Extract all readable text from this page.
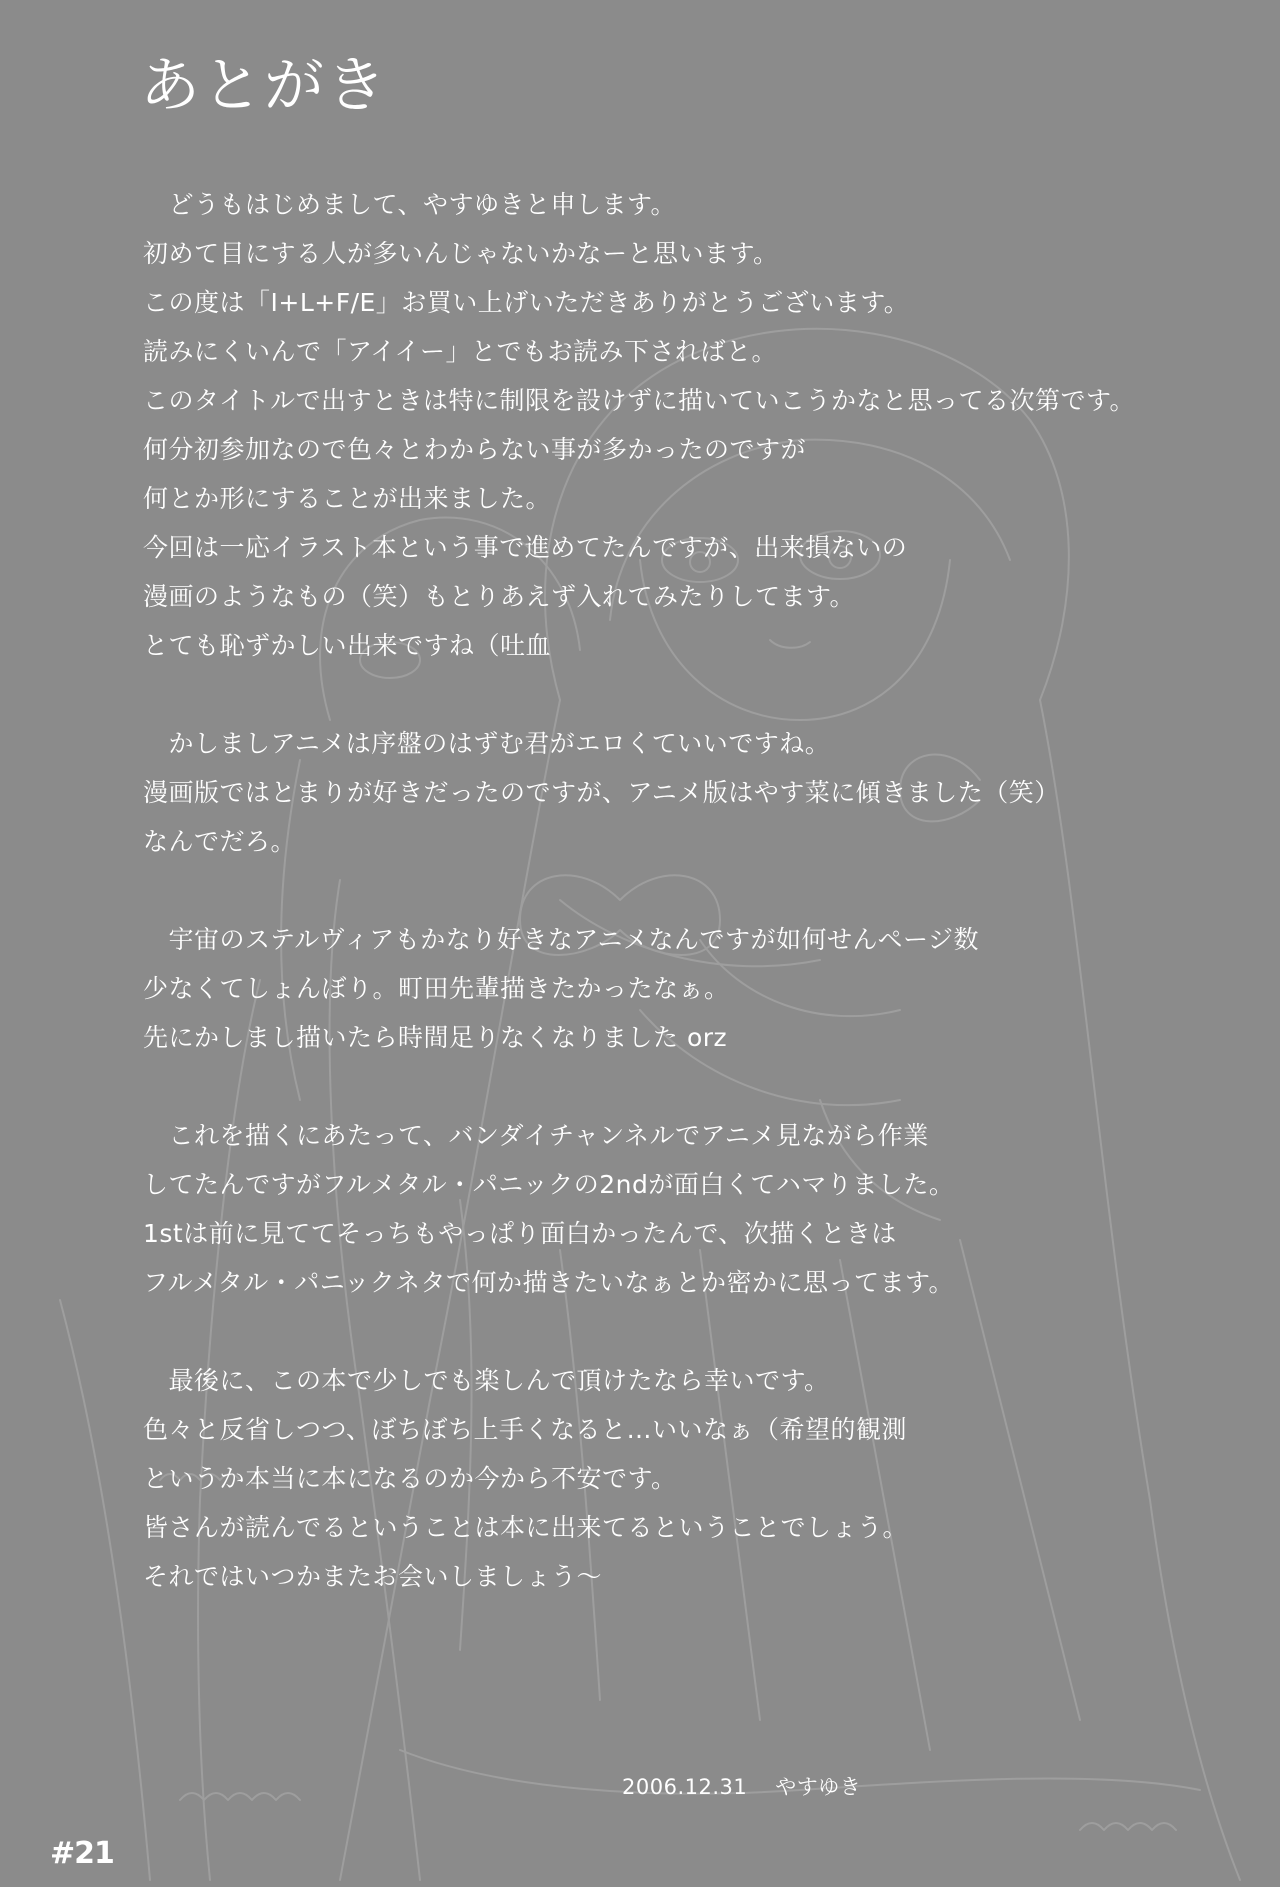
あとがき
　どうもはじめまして、やすゆきと申します。
初めて目にする人が多いんじゃないかなーと思います。
この度は「I+L+F/E」お買い上げいただきありがとうございます。
読みにくいんで「アイイー」とでもお読み下さればと。
このタイトルで出すときは特に制限を設けずに描いていこうかなと思ってる次第です。
何分初参加なので色々とわからない事が多かったのですが
何とか形にすることが出来ました。
今回は一応イラスト本という事で進めてたんですが、出来損ないの
漫画のようなもの（笑）もとりあえず入れてみたりしてます。
とても恥ずかしい出来ですね（吐血
　かしましアニメは序盤のはずむ君がエロくていいですね。
漫画版ではとまりが好きだったのですが、アニメ版はやす菜に傾きました（笑）
なんでだろ。
　宇宙のステルヴィアもかなり好きなアニメなんですが如何せんページ数
少なくてしょんぼり。町田先輩描きたかったなぁ。
先にかしまし描いたら時間足りなくなりました orz
　これを描くにあたって、バンダイチャンネルでアニメ見ながら作業
してたんですがフルメタル・パニックの2ndが面白くてハマりました。
1stは前に見ててそっちもやっぱり面白かったんで、次描くときは
フルメタル・パニックネタで何か描きたいなぁとか密かに思ってます。
　最後に、この本で少しでも楽しんで頂けたなら幸いです。
色々と反省しつつ、ぼちぼち上手くなると…いいなぁ（希望的観測
というか本当に本になるのか今から不安です。
皆さんが読んでるということは本に出来てるということでしょう。
それではいつかまたお会いしましょう～
2006.12.31 やすゆき
#21
